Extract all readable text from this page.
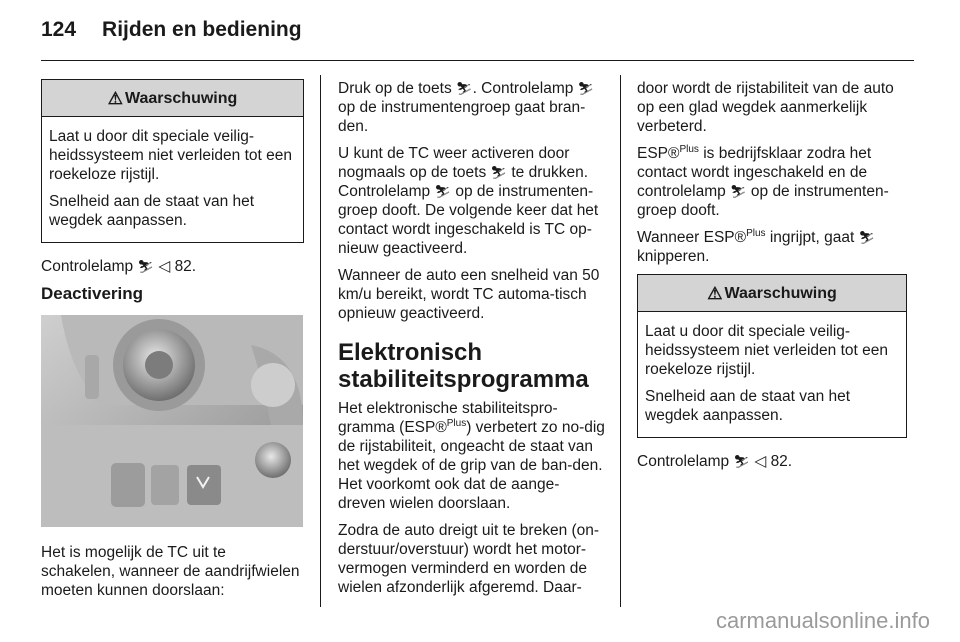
124 Rijden en bediening
⚠ Waarschuwing

Laat u door dit speciale veilig-heidssysteem niet verleiden tot een roekeloze rijstijl.

Snelheid aan de staat van het wegdek aanpassen.

Controlelamp ⛷ ◁ 82.

Deactivering

Het is mogelijk de TC uit te schakelen, wanneer de aandrijfwielen moeten kunnen doorslaan:

Druk op de toets ⛷. Controlelamp ⛷ op de instrumentengroep gaat bran-den.

U kunt de TC weer activeren door nogmaals op de toets ⛷ te drukken. Controlelamp ⛷ op de instrumenten-groep dooft. De volgende keer dat het contact wordt ingeschakeld is TC op-nieuw geactiveerd.

Wanneer de auto een snelheid van 50 km/u bereikt, wordt TC automa-tisch opnieuw geactiveerd.

Elektronisch stabiliteitsprogramma

Het elektronische stabiliteitspro-gramma (ESP®$^{Plus}$) verbetert zo no-dig de rijstabiliteit, ongeacht de staat van het wegdek of de grip van de ban-den. Het voorkomt ook dat de aange-dreven wielen doorslaan.

Zodra de auto dreigt uit te breken (on-derstuur/overstuur) wordt het motor-vermogen verminderd en worden de wielen afzonderlijk afgeremd. Daar-

door wordt de rijstabiliteit van de auto op een glad wegdek aanmerkelijk verbeterd.

ESP®$^{Plus}$ is bedrijfsklaar zodra het contact wordt ingeschakeld en de controlelamp ⛷ op de instrumenten-groep dooft.

Wanneer ESP®$^{Plus}$ ingrijpt, gaat ⛷ knipperen.

⚠ Waarschuwing

Laat u door dit speciale veilig-heidssysteem niet verleiden tot een roekeloze rijstijl.

Snelheid aan de staat van het wegdek aanpassen.

Controlelamp ⛷ ◁ 82.

carmanualsonline.info
